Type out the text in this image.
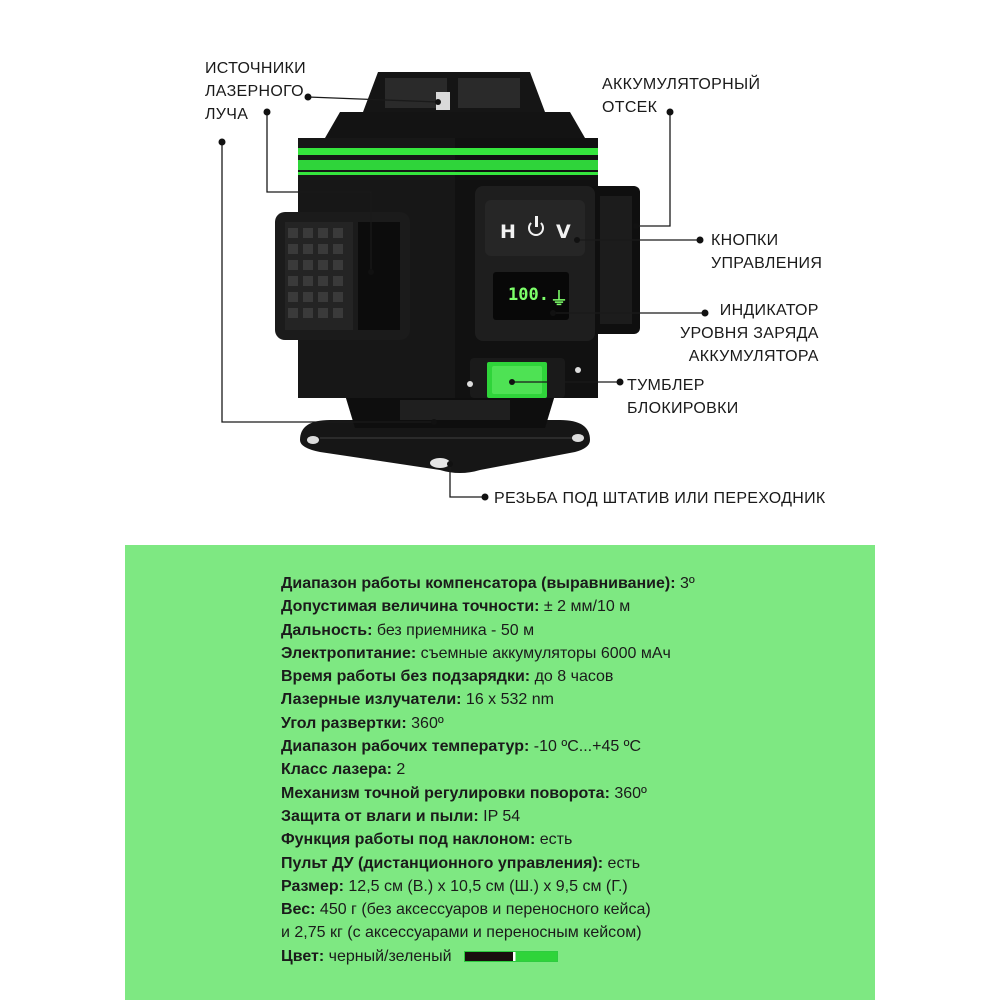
H V
100. ⏚

ИСТОЧНИКИ
ЛАЗЕРНОГО
ЛУЧА

АККУМУЛЯТОРНЫЙ
ОТСЕК

КНОПКИ
УПРАВЛЕНИЯ

ИНДИКАТОР
УРОВНЯ ЗАРЯДА
АККУМУЛЯТОРА

ТУМБЛЕР
БЛОКИРОВКИ

РЕЗЬБА ПОД ШТАТИВ ИЛИ ПЕРЕХОДНИК

Диапазон работы компенсатора (выравнивание): 3º
Допустимая величина точности: ± 2 мм/10 м
Дальность: без приемника - 50 м
Электропитание: съемные аккумуляторы 6000 мАч
Время работы без подзарядки: до 8 часов
Лазерные излучатели: 16 x 532 nm
Угол развертки: 360º
Диапазон рабочих температур: -10 ºC...+45 ºC
Класс лазера: 2
Механизм точной регулировки поворота: 360º
Защита от влаги и пыли: IP 54
Функция работы под наклоном: есть
Пульт ДУ (дистанционного управления): есть
Размер: 12,5 см (В.) x 10,5 см (Ш.) x 9,5 см (Г.)
Вес: 450 г (без аксессуаров и переносного кейса)
и 2,75 кг (с аксессуарами и переносным кейсом)
Цвет: черный/зеленый
